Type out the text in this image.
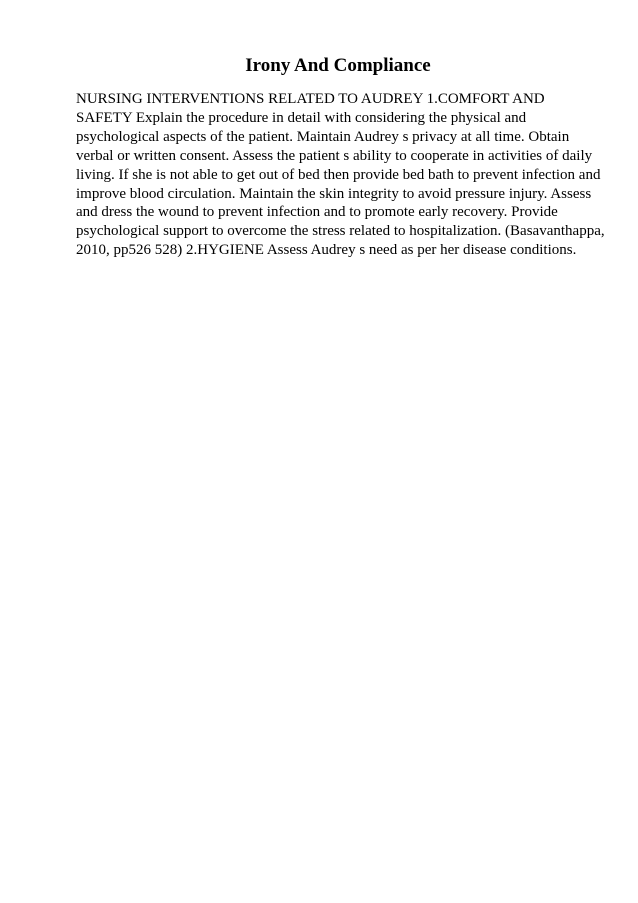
Irony And Compliance
NURSING INTERVENTIONS RELATED TO AUDREY 1.COMFORT AND
SAFETY Explain the procedure in detail with considering the physical and
psychological aspects of the patient. Maintain Audrey s privacy at all time. Obtain
verbal or written consent. Assess the patient s ability to cooperate in activities of daily
living. If she is not able to get out of bed then provide bed bath to prevent infection and
improve blood circulation. Maintain the skin integrity to avoid pressure injury. Assess
and dress the wound to prevent infection and to promote early recovery. Provide
psychological support to overcome the stress related to hospitalization. (Basavanthappa,
2010, pp526 528) 2.HYGIENE Assess Audrey s need as per her disease conditions.
